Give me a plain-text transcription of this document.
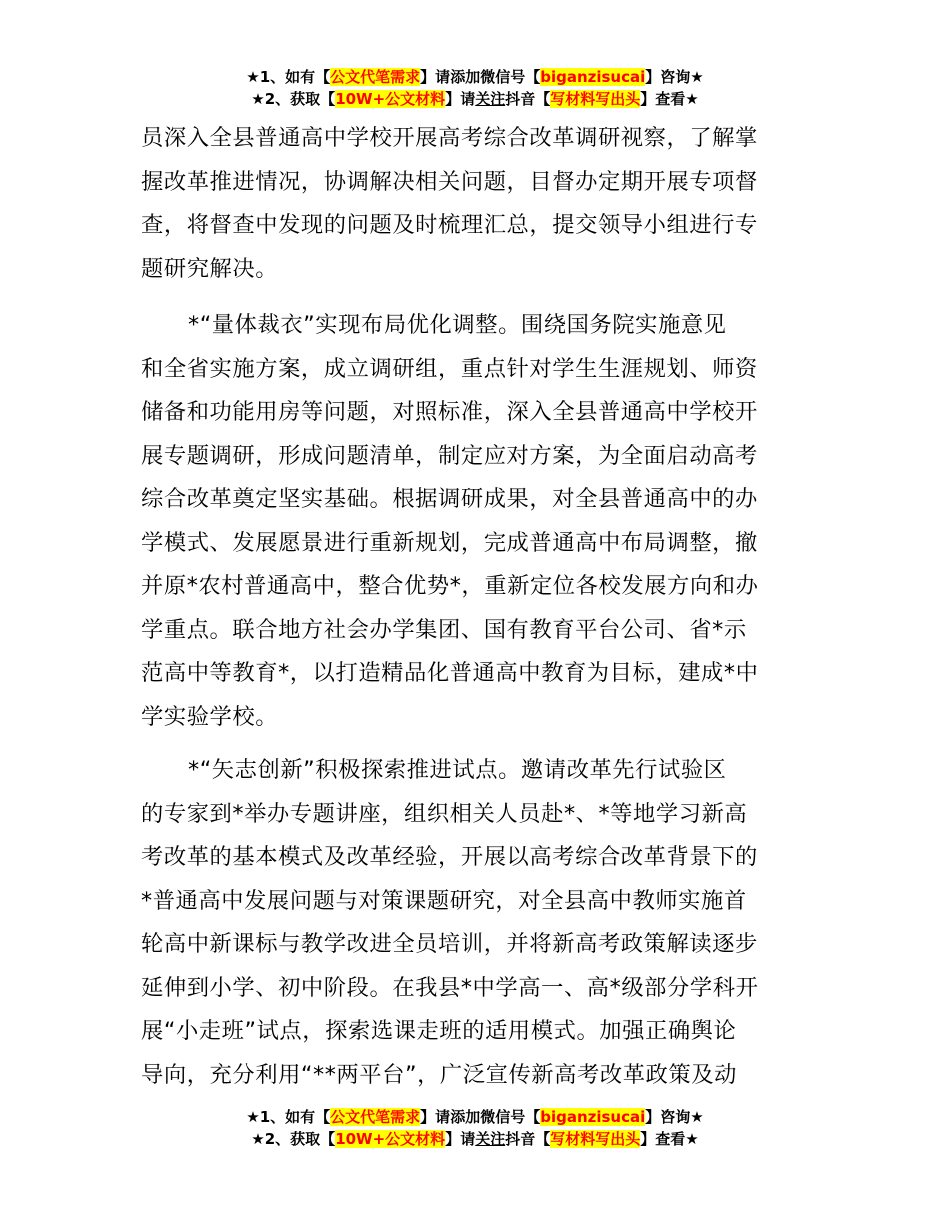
★1、如有【公文代笔需求】请添加微信号【biganzisucai】咨询★
★2、获取【10W+公文材料】请关注抖音【写材料写出头】查看★
员深入全县普通高中学校开展高考综合改革调研视察，了解掌
握改革推进情况，协调解决相关问题，目督办定期开展专项督
查，将督查中发现的问题及时梳理汇总，提交领导小组进行专
题研究解决。
*“量体裁衣”实现布局优化调整。围绕国务院实施意见
和全省实施方案，成立调研组，重点针对学生生涯规划、师资
储备和功能用房等问题，对照标准，深入全县普通高中学校开
展专题调研，形成问题清单，制定应对方案，为全面启动高考
综合改革奠定坚实基础。根据调研成果，对全县普通高中的办
学模式、发展愿景进行重新规划，完成普通高中布局调整，撤
并原*农村普通高中，整合优势*，重新定位各校发展方向和办
学重点。联合地方社会办学集团、国有教育平台公司、省*示
范高中等教育*，以打造精品化普通高中教育为目标，建成*中
学实验学校。
*“矢志创新”积极探索推进试点。邀请改革先行试验区
的专家到*举办专题讲座，组织相关人员赴*、*等地学习新高
考改革的基本模式及改革经验，开展以高考综合改革背景下的
*普通高中发展问题与对策课题研究，对全县高中教师实施首
轮高中新课标与教学改进全员培训，并将新高考政策解读逐步
延伸到小学、初中阶段。在我县*中学高一、高*级部分学科开
展“小走班”试点，探索选课走班的适用模式。加强正确舆论
导向，充分利用“**两平台”，广泛宣传新高考改革政策及动
★1、如有【公文代笔需求】请添加微信号【biganzisucai】咨询★
★2、获取【10W+公文材料】请关注抖音【写材料写出头】查看★
